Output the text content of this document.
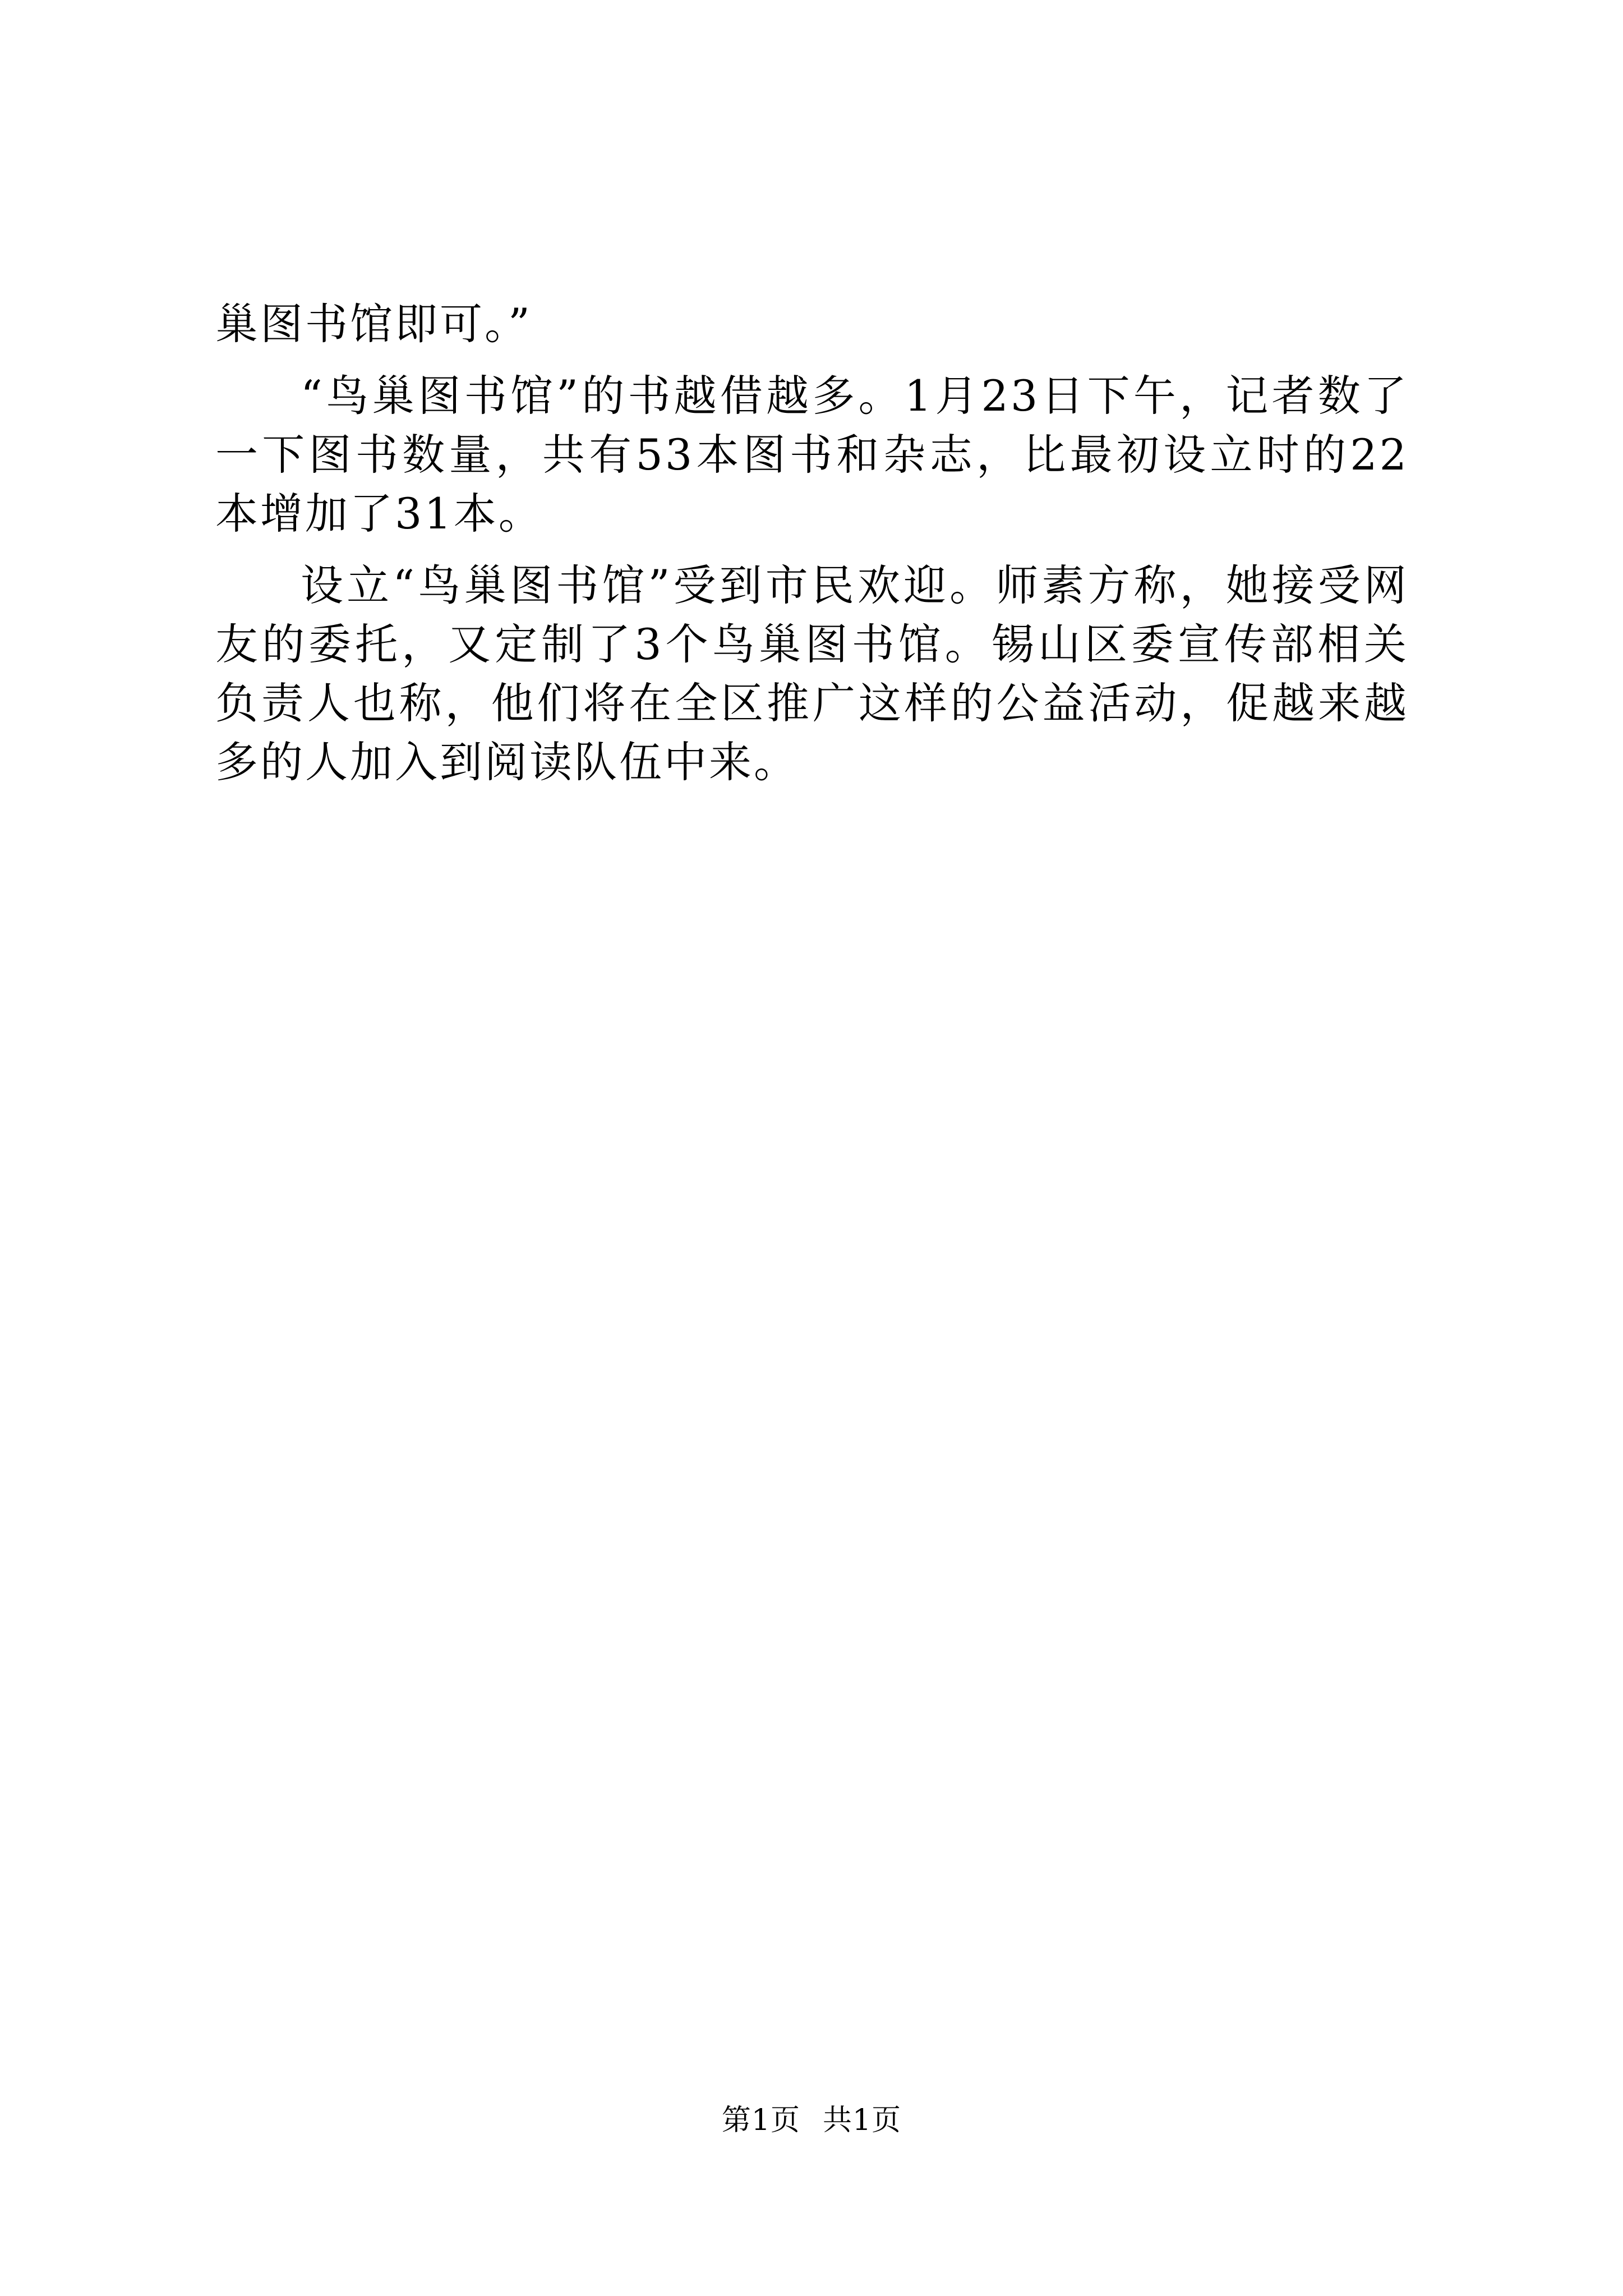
巢图书馆即可。”

“鸟巢图书馆”的书越借越多。1月23日下午，记者数了一下图书数量，共有53本图书和杂志，比最初设立时的22本增加了31本。

设立“鸟巢图书馆”受到市民欢迎。师素方称，她接受网友的委托，又定制了3个鸟巢图书馆。锡山区委宣传部相关负责人也称，他们将在全区推广这样的公益活动，促越来越多的人加入到阅读队伍中来。

第1页 共1页
